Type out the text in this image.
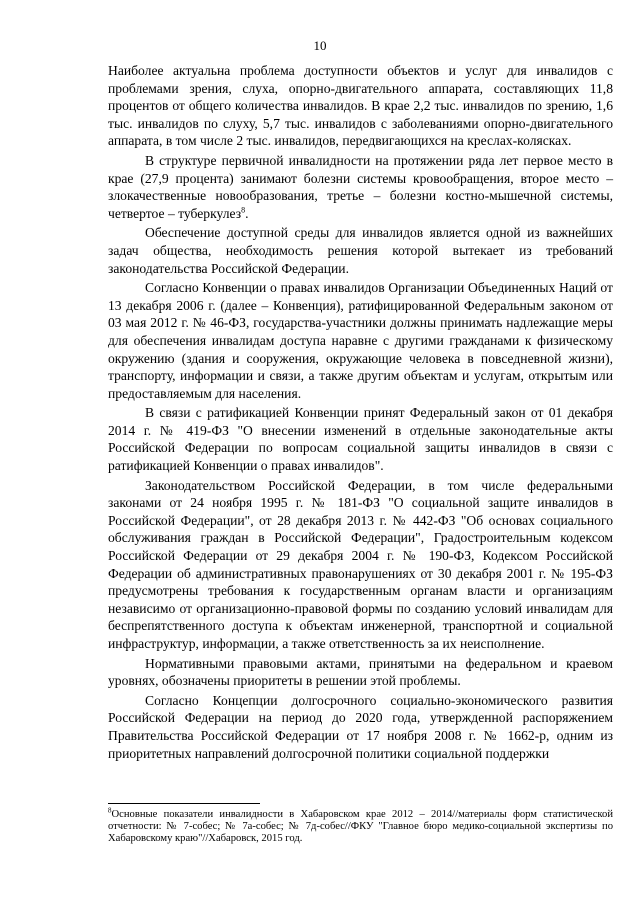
10

Наиболее актуальна проблема доступности объектов и услуг для инвалидов с проблемами зрения, слуха, опорно-двигательного аппарата, составляющих 11,8 процентов от общего количества инвалидов. В крае 2,2 тыс. инвалидов по зрению, 1,6 тыс. инвалидов по слуху, 5,7 тыс. инвалидов с заболеваниями опорно-двигательного аппарата, в том числе 2 тыс. инвалидов, передвигающихся на креслах-колясках.

В структуре первичной инвалидности на протяжении ряда лет первое место в крае (27,9 процента) занимают болезни системы кровообращения, второе место – злокачественные новообразования, третье – болезни костно-мышечной системы, четвертое – туберкулез$^8$.

Обеспечение доступной среды для инвалидов является одной из важнейших задач общества, необходимость решения которой вытекает из требований законодательства Российской Федерации.

Согласно Конвенции о правах инвалидов Организации Объединенных Наций от 13 декабря 2006 г. (далее – Конвенция), ратифицированной Федеральным законом от 03 мая 2012 г. № 46-ФЗ, государства-участники должны принимать надлежащие меры для обеспечения инвалидам доступа наравне с другими гражданами к физическому окружению (здания и сооружения, окружающие человека в повседневной жизни), транспорту, информации и связи, а также другим объектам и услугам, открытым или предоставляемым для населения.

В связи с ратификацией Конвенции принят Федеральный закон от 01 декабря 2014 г. № 419-ФЗ "О внесении изменений в отдельные законодательные акты Российской Федерации по вопросам социальной защиты инвалидов в связи с ратификацией Конвенции о правах инвалидов".

Законодательством Российской Федерации, в том числе федеральными законами от 24 ноября 1995 г. № 181-ФЗ "О социальной защите инвалидов в Российской Федерации", от 28 декабря 2013 г. № 442-ФЗ "Об основах социального обслуживания граждан в Российской Федерации", Градостроительным кодексом Российской Федерации от 29 декабря 2004 г. № 190-ФЗ, Кодексом Российской Федерации об административных правонарушениях от 30 декабря 2001 г. № 195-ФЗ предусмотрены требования к государственным органам власти и организациям независимо от организационно-правовой формы по созданию условий инвалидам для беспрепятственного доступа к объектам инженерной, транспортной и социальной инфраструктур, информации, а также ответственность за их неисполнение.

Нормативными правовыми актами, принятыми на федеральном и краевом уровнях, обозначены приоритеты в решении этой проблемы.

Согласно Концепции долгосрочного социально-экономического развития Российской Федерации на период до 2020 года, утвержденной распоряжением Правительства Российской Федерации от 17 ноября 2008 г. № 1662-р, одним из приоритетных направлений долгосрочной политики социальной поддержки

$^8$Основные показатели инвалидности в Хабаровском крае 2012 – 2014//материалы форм статистической отчетности: № 7-собес; № 7а-собес; № 7д-собес//ФКУ "Главное бюро медико-социальной экспертизы по Хабаровскому краю"//Хабаровск, 2015 год.
